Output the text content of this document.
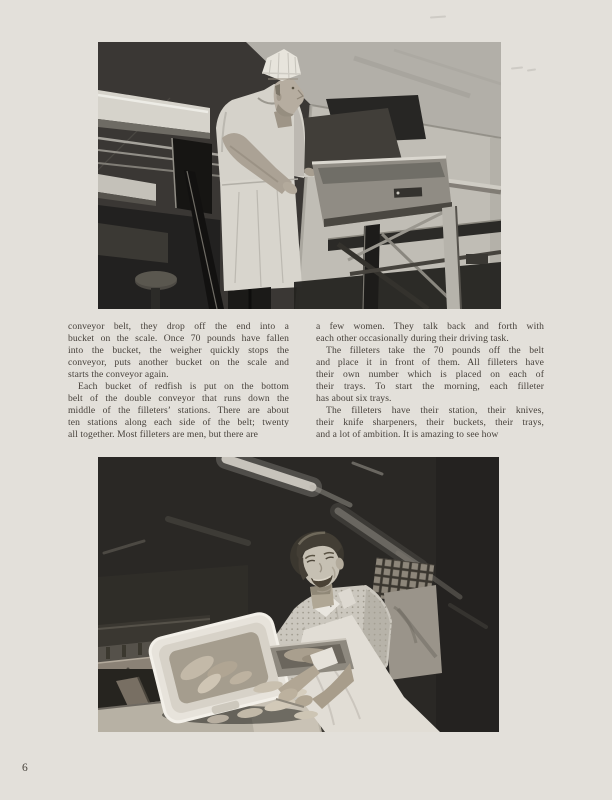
conveyor belt, they drop off the end into a
bucket on the scale. Once 70 pounds have fallen
into the bucket, the weigher quickly stops the
conveyor, puts another bucket on the scale and
starts the conveyor again.
Each bucket of redfish is put on the bottom
belt of the double conveyor that runs down the
middle of the filleters’ stations. There are about
ten stations along each side of the belt; twenty
all together. Most filleters are men, but there are
a few women. They talk back and forth with
each other occasionally during their driving task.
The filleters take the 70 pounds off the belt
and place it in front of them. All filleters have
their own number which is placed on each of
their trays. To start the morning, each filleter
has about six trays.
The filleters have their station, their knives,
their knife sharpeners, their buckets, their trays,
and a lot of ambition. It is amazing to see how
6
